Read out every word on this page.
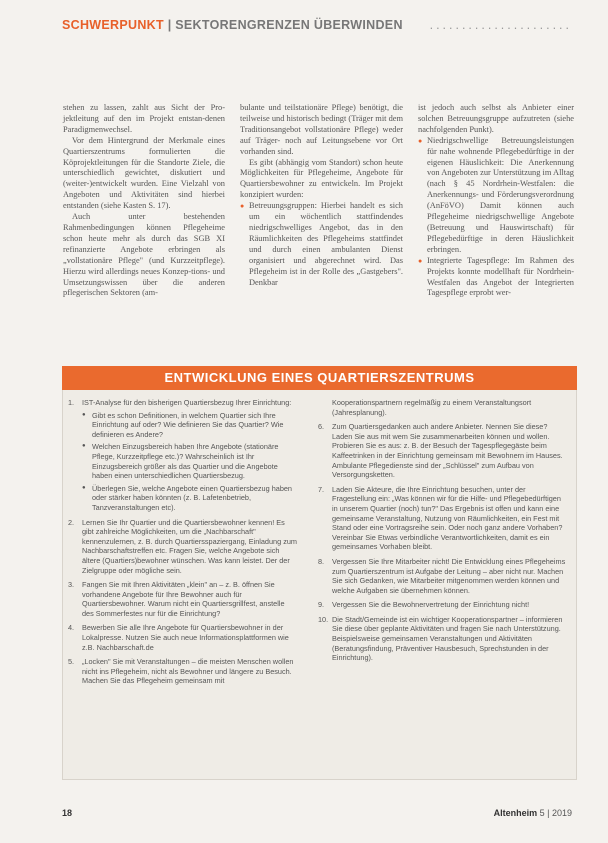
SCHWERPUNKT | SEKTORENGRENZEN ÜBERWINDEN ......................

stehen zu lassen, zahlt aus Sicht der Pro-jektleitung auf den im Projekt entstan-denen Paradigmenwechsel.

Vor dem Hintergrund der Merkmale eines Quartierszentrums formulierten die Köprojektleitungen für die Standorte Ziele, die unterschiedlich gewichtet, diskutiert und (weiter-)entwickelt wurden. Eine Vielzahl von Angeboten und Aktivitäten sind hierbei entstanden (siehe Kasten S. 17).

Auch unter bestehenden Rahmenbedingungen können Pflegeheime schon heute mehr als durch das SGB XI refinanzierte Angebote erbringen als „vollstationäre Pflege" (und Kurzzeitpflege). Hierzu wird allerdings neues Konzep-tions- und Umsetzungswissen über die anderen pflegerischen Sektoren (am-

bulante und teilstationäre Pflege) benötigt, die teilweise und historisch bedingt (Träger mit dem Traditionsangebot vollstationäre Pflege) weder auf Träger- noch auf Leitungsebene vor Ort vorhanden sind.

Es gibt (abhängig vom Standort) schon heute Möglichkeiten für Pflegeheime, Angebote für Quartiersbewohner zu entwickeln. Im Projekt konzipiert wurden:

● Betreuungsgruppen: Hierbei handelt es sich um ein wöchentlich stattfindendes niedrigschwelliges Angebot, das in den Räumlichkeiten des Pflegeheims stattfindet und durch einen ambulanten Dienst organisiert und abgerechnet wird. Das Pflegeheim ist in der Rolle des „Gastgebers". Denkbar

ist jedoch auch selbst als Anbieter einer solchen Betreuungsgruppe aufzutreten (siehe nachfolgenden Punkt).

● Niedrigschwellige Betreuungsleistungen für nahe wohnende Pflegebedürftige in der eigenen Häuslichkeit: Die Anerkennung von Angeboten zur Unterstützung im Alltag (nach § 45 Nordrhein-Westfalen: die Anerkennungs- und Förderungsverordnung (AnFöVO) Damit können auch Pflegeheime niedrigschwellige Angebote (Betreuung und Hauswirtschaft) für Pflegebedürftige in deren Häuslichkeit erbringen.
● Integrierte Tagespflege: Im Rahmen des Projekts konnte modellhaft für Nordrhein-Westfalen das Angebot der Integrierten Tagespflege erprobt wer-
ENTWICKLUNG EINES QUARTIERSZENTRUMS
1. IST-Analyse für den bisherigen Quartiersbezug Ihrer Einrichtung:
● Gibt es schon Definitionen, in welchem Quartier sich Ihre Einrichtung auf oder? Wie definieren Sie das Quartier? Wie definieren es Andere?
● Welchen Einzugsbereich haben Ihre Angebote (stationäre Pflege, Kurzzeitpflege etc.)? Wahrscheinlich ist Ihr Einzugsbereich größer als das Quartier und die Angebote haben einen unterschiedlichen Quartiersbezug.
● Überlegen Sie, welche Angebote einen Quartiersbezug haben oder stärker haben könnten (z. B. Lafetenbetrieb, Tanzveranstaltungen etc).
2. Lernen Sie Ihr Quartier und die Quartiersbewohner kennen! Es gibt zahlreiche Möglichkeiten, um die „Nachbarschaft" kennenzulernen, z. B. durch Quartiersspaziergang, Einladung zum Nachbarschaftstreffen etc. Fragen Sie, welche Angebote sich ältere (Quartiers)bewohner wünschen. Was kann leistet. Der der Zielgruppe oder mögliche sein.
3. Fangen Sie mit Ihren Aktivitäten „klein" an – z. B. öffnen Sie vorhandene Angebote für Ihre Bewohner auch für Quartiersbewohner. Warum nicht ein Quartiersgrillfest, anstelle des Sommerfestes nur für die Einrichtung?
4. Bewerben Sie alle Ihre Angebote für Quartiersbewohner in der Lokalpresse. Nutzen Sie auch neue Informationsplattformen wie z.B. Nachbarschaft.de
5. „Locken" Sie mit Veranstaltungen – die meisten Menschen wollen nicht ins Pflegeheim, nicht als Bewohner und längere zu Besuch. Machen Sie das Pflegeheim gemeinsam mit
Kooperationspartnern regelmäßig zu einem Veranstaltungsort (Jahresplanung).
6. Zum Quartiersgedanken auch andere Anbieter. Nennen Sie diese? Laden Sie aus mit wem Sie zusammenarbeiten können und wollen. Probieren Sie es aus: z. B. der Besuch der Tagespflegegäste beim Kaffeetrinken in der Einrichtung gemeinsam mit Bewohnern im Hauses. Ambulante Pflegedienste sind der „Schlüssel" zum Aufbau von Versorgungsketten.
7. Laden Sie Akteure, die Ihre Einrichtung besuchen, unter der Fragestellung ein: „Was können wir für die Hilfe- und Pflegebedürftigen in unserem Quartier (noch) tun?" Das Ergebnis ist offen und kann eine gemeinsame Veranstaltung, Nutzung von Räumlichkeiten, ein Fest mit Stand oder eine Vortragsreihe sein. Oder noch ganz andere Vorhaben? Vereinbar Sie Etwas verbindliche Verantwortlichkeiten, damit es ein gemeinsames Vorhaben bleibt.
8. Vergessen Sie Ihre Mitarbeiter nicht! Die Entwicklung eines Pflegeheims zum Quartierszentrum ist Aufgabe der Leitung – aber nicht nur. Machen Sie sich Gedanken, wie Mitarbeiter mitgenommen werden können und welche Aufgaben sie übernehmen können.
9. Vergessen Sie die Bewohnervertretung der Einrichtung nicht!
10. Die Stadt/Gemeinde ist ein wichtiger Kooperationspartner – informieren Sie diese über geplante Aktivitäten und fragen Sie nach Unterstützung. Beispielsweise gemeinsamen Veranstaltungen und Aktivitäten (Beratungsfindung, Präventiver Hausbesuch, Sprechstunden in der Einrichtung).
18	Altenheim 5 | 2019
